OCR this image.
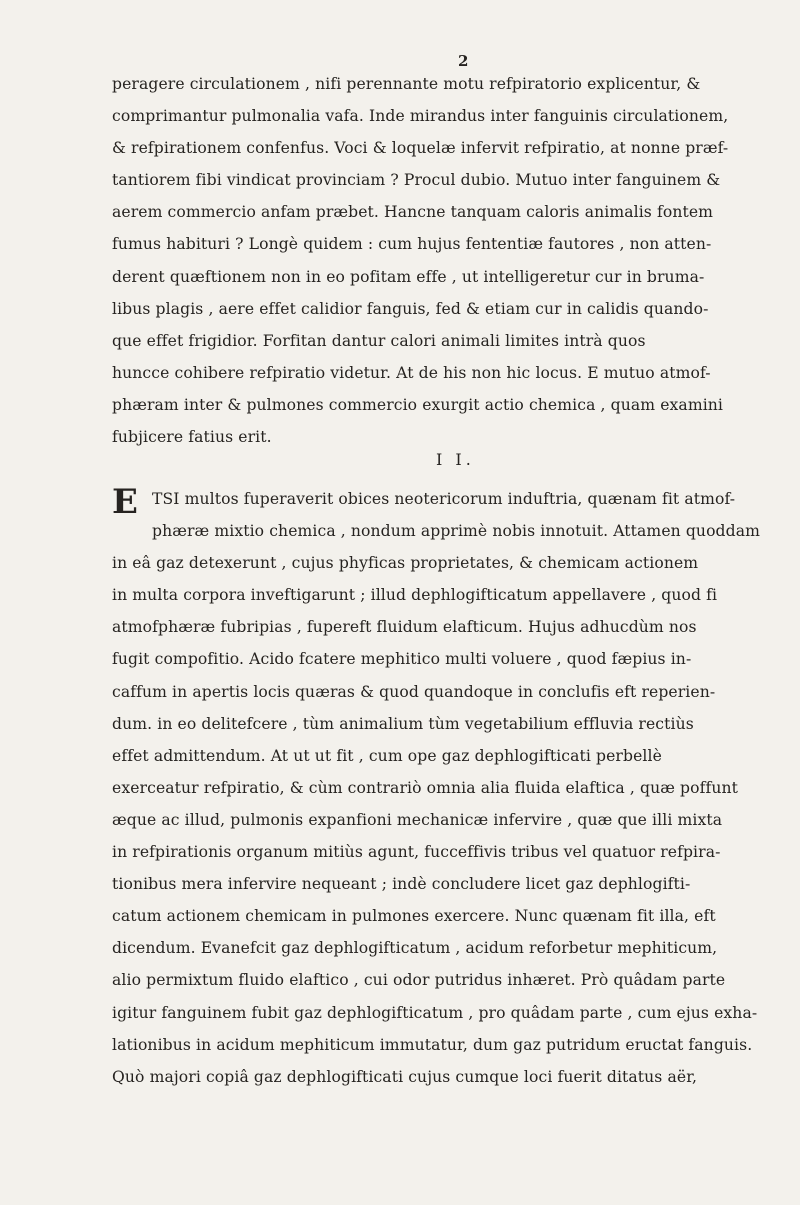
2
peragere circulationem , nifi perennante motu refpiratorio explicentur, &
comprimantur pulmonalia vafa. Inde mirandus inter fanguinis circulationem,
& refpirationem confenfus. Voci & loquelæ infervit refpiratio, at nonne præf-
tantiorem fibi vindicat provinciam ? Procul dubio. Mutuo inter fanguinem &
aerem commercio anfam præbet. Hancne tanquam caloris animalis fontem
fumus habituri ? Longè quidem : cum hujus fententiæ fautores , non atten-
derent quæftionem non in eo pofitam effe , ut intelligeretur cur in bruma-
libus plagis , aere effet calidior fanguis, fed & etiam cur in calidis quando-
que effet frigidior. Forfitan dantur calori animali limites intrà quos
huncce cohibere refpiratio videtur. At de his non hic locus. E mutuo atmof-
phæram inter & pulmones commercio exurgit actio chemica , quam examini
fubjicere fatius erit.
I I.
E TSI multos fuperaverit obices neotericorum induftria, quænam fit atmof-
phæræ mixtio chemica , nondum apprimè nobis innotuit. Attamen quoddam
in eâ gaz detexerunt , cujus phyficas proprietates, & chemicam actionem
in multa corpora inveftigarunt ; illud dephlogifticatum appellavere , quod fi
atmofphæræ fubripias , fupereft fluidum elafticum. Hujus adhucdùm nos
fugit compofitio. Acido fcatere mephitico multi voluere , quod fæpius in-
caffum in apertis locis quæras & quod quandoque in conclufis eft reperien-
dum. in eo delitefcere , tùm animalium tùm vegetabilium effluvia rectiùs
effet admittendum. At ut ut fit , cum ope gaz dephlogifticati perbellè
exerceatur refpiratio, & cùm contrariò omnia alia fluida elaftica , quæ poffunt
æque ac illud, pulmonis expanfioni mechanicæ infervire , quæ que illi mixta
in refpirationis organum mitiùs agunt, fucceffivis tribus vel quatuor refpira-
tionibus mera infervire nequeant ; indè concludere licet gaz dephlogifti-
catum actionem chemicam in pulmones exercere. Nunc quænam fit illa, eft
dicendum. Evanefcit gaz dephlogifticatum , acidum reforbetur mephiticum,
alio permixtum fluido elaftico , cui odor putridus inhæret. Prò quâdam parte
igitur fanguinem fubit gaz dephlogifticatum , pro quâdam parte , cum ejus exha-
lationibus in acidum mephiticum immutatur, dum gaz putridum eructat fanguis.
Quò majori copiâ gaz dephlogifticati cujus cumque loci fuerit ditatus aër,
